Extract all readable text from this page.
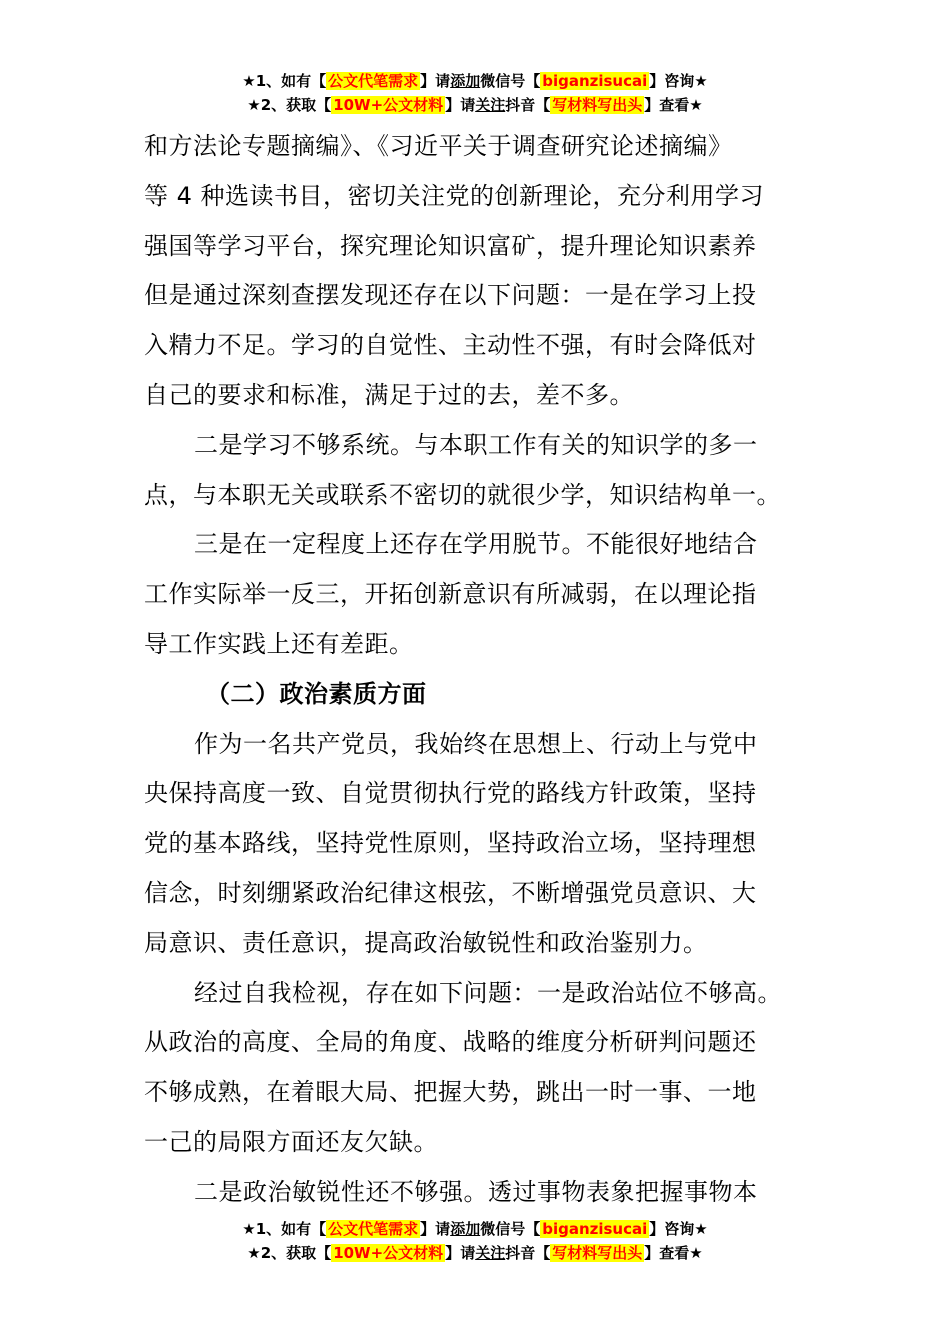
★1、如有【 公文代笔需求 】请添加微信号【 biganzisucai 】咨询★
★2、获取【 10W+公文材料 】请关注抖音【 写材料写出头 】查看★
和方法论专题摘编》、《习近平关于调查研究论述摘编》
等 4 种选读书目，密切关注党的创新理论，充分利用学习
强国等学习平台，探究理论知识富矿，提升理论知识素养
但是通过深刻查摆发现还存在以下问题：一是在学习上投
入精力不足。学习的自觉性、主动性不强，有时会降低对
自己的要求和标准，满足于过的去，差不多。
二是学习不够系统。与本职工作有关的知识学的多一
点，与本职无关或联系不密切的就很少学，知识结构单一。
三是在一定程度上还存在学用脱节。不能很好地结合
工作实际举一反三，开拓创新意识有所减弱，在以理论指
导工作实践上还有差距。
（二）政治素质方面
作为一名共产党员，我始终在思想上、行动上与党中
央保持高度一致、自觉贯彻执行党的路线方针政策，坚持
党的基本路线，坚持党性原则，坚持政治立场，坚持理想
信念，时刻绷紧政治纪律这根弦，不断增强党员意识、大
局意识、责任意识，提高政治敏锐性和政治鉴别力。
经过自我检视，存在如下问题：一是政治站位不够高。
从政治的高度、全局的角度、战略的维度分析研判问题还
不够成熟，在着眼大局、把握大势，跳出一时一事、一地
一己的局限方面还友欠缺。
二是政治敏锐性还不够强。透过事物表象把握事物本
★1、如有【 公文代笔需求 】请添加微信号【 biganzisucai 】咨询★
★2、获取【 10W+公文材料 】请关注抖音【 写材料写出头 】查看★
